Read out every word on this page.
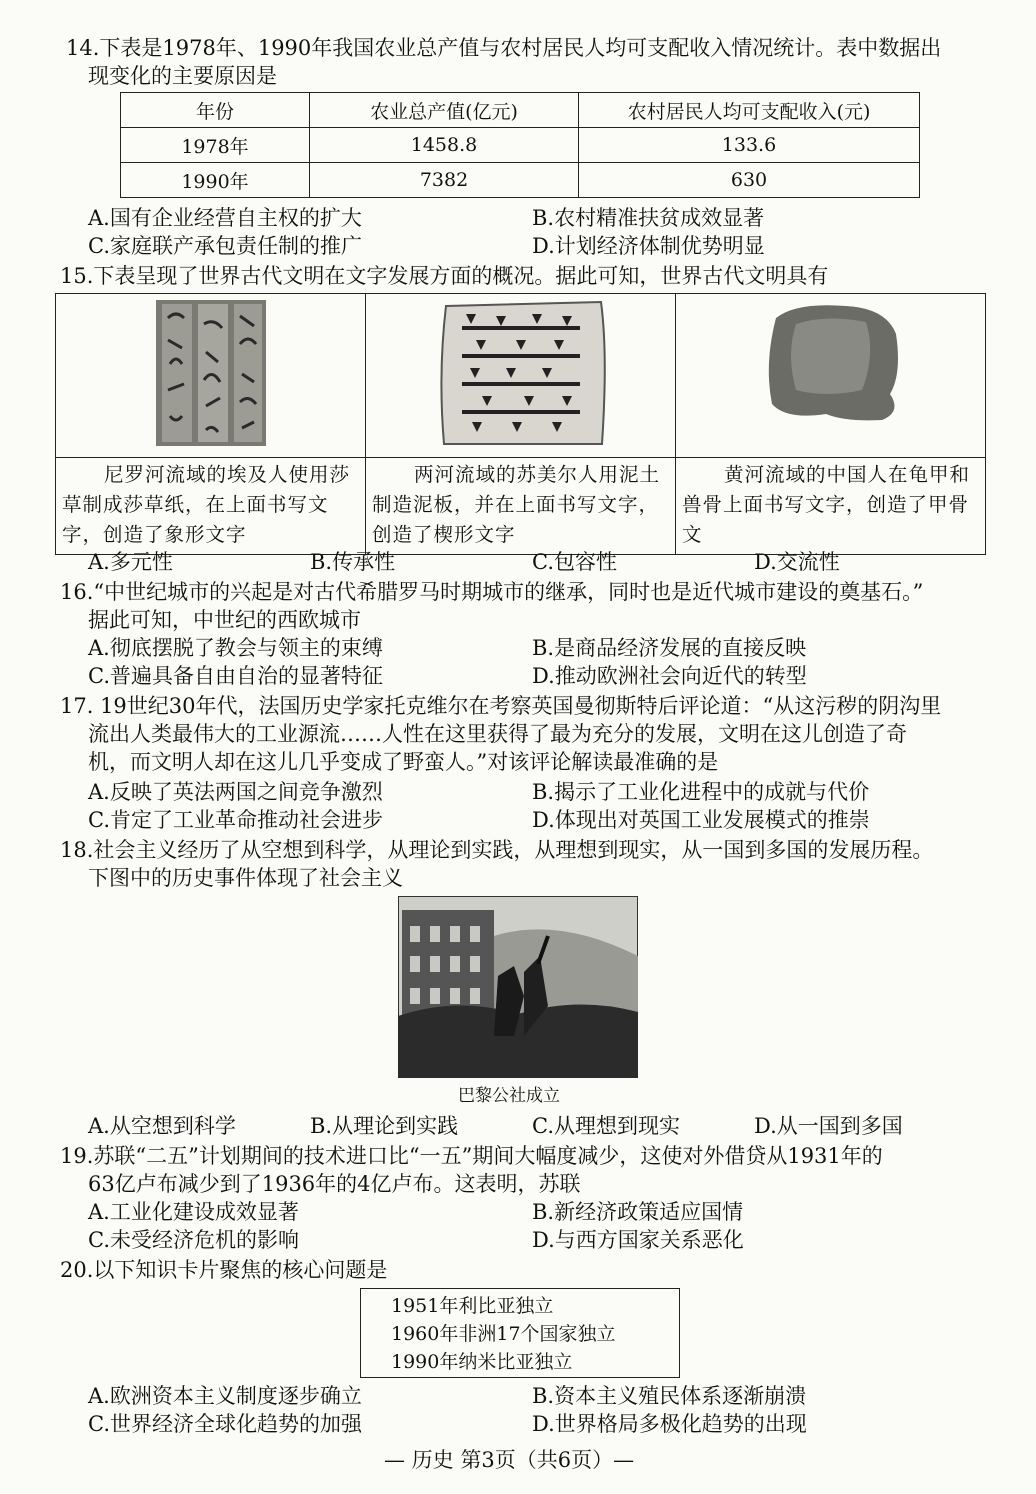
14.下表是1978年、1990年我国农业总产值与农村居民人均可支配收入情况统计。表中数据出
现变化的主要原因是
年份	农业总产值(亿元)	农村居民人均可支配收入(元)
1978年	1458.8	133.6
1990年	7382	630
A.国有企业经营自主权的扩大	B.农村精准扶贫成效显著
C.家庭联产承包责任制的推广	D.计划经济体制优势明显
15.下表呈现了世界古代文明在文字发展方面的概况。据此可知，世界古代文明具有

尼罗河流域的埃及人使用莎草制成莎草纸，在上面书写文字，创造了象形文字	两河流域的苏美尔人用泥土制造泥板，并在上面书写文字，创造了楔形文字	黄河流域的中国人在龟甲和兽骨上面书写文字，创造了甲骨文
A.多元性	B.传承性	C.包容性	D.交流性
16.“中世纪城市的兴起是对古代希腊罗马时期城市的继承，同时也是近代城市建设的奠基石。”
据此可知，中世纪的西欧城市
A.彻底摆脱了教会与领主的束缚	B.是商品经济发展的直接反映
C.普遍具备自由自治的显著特征	D.推动欧洲社会向近代的转型
17. 19世纪30年代，法国历史学家托克维尔在考察英国曼彻斯特后评论道：“从这污秽的阴沟里
流出人类最伟大的工业源流……人性在这里获得了最为充分的发展，文明在这儿创造了奇
机，而文明人却在这儿几乎变成了野蛮人。”对该评论解读最准确的是
A.反映了英法两国之间竞争激烈	B.揭示了工业化进程中的成就与代价
C.肯定了工业革命推动社会进步	D.体现出对英国工业发展模式的推崇
18.社会主义经历了从空想到科学，从理论到实践，从理想到现实，从一国到多国的发展历程。
下图中的历史事件体现了社会主义
巴黎公社成立
A.从空想到科学	B.从理论到实践	C.从理想到现实	D.从一国到多国
19.苏联“二五”计划期间的技术进口比“一五”期间大幅度减少，这使对外借贷从1931年的
63亿卢布减少到了1936年的4亿卢布。这表明，苏联
A.工业化建设成效显著	B.新经济政策适应国情
C.未受经济危机的影响	D.与西方国家关系恶化
20.以下知识卡片聚焦的核心问题是
1951年利比亚独立
1960年非洲17个国家独立
1990年纳米比亚独立
A.欧洲资本主义制度逐步确立	B.资本主义殖民体系逐渐崩溃
C.世界经济全球化趋势的加强	D.世界格局多极化趋势的出现
— 历史 第3页（共6页）—
